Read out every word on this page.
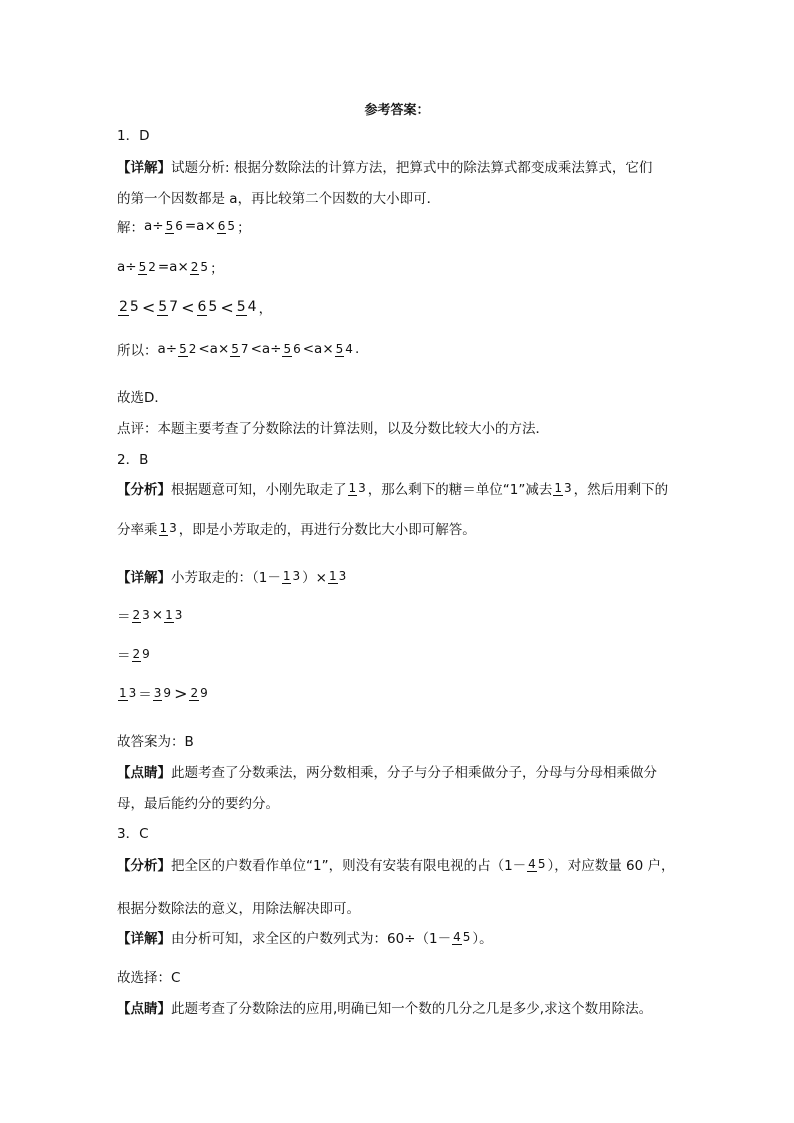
参考答案：
1．D
【详解】 试题分析: 根据分数除法的计算方法，把算式中的除法算式都变成乘法算式，它们
的第一个因数都是 a，再比较第二个因数的大小即可．
解： a÷ 5 6 =a× 6 5 ；
a÷ 5 2 =a× 2 5 ；
2 5 < 5 7 < 6 5 < 5 4 ，
所以： a÷ 5 2 <a× 5 7 <a÷ 5 6 <a× 5 4 .
故选D．
点评：本题主要考查了分数除法的计算法则，以及分数比较大小的方法．
2．B
【分析】 根据题意可知，小刚先取走了 1 3 ，那么剩下的糖＝单位“1”减去 1 3 ，然后用剩下的
分率乘 1 3 ，即是小芳取走的，再进行分数比大小即可解答。
【详解】 小芳取走的：（1－ 1 3 ）× 1 3
＝ 2 3 × 1 3
＝ 2 9
1 3 ＝ 3 9 > 2 9
故答案为：B
【点睛】 此题考查了分数乘法，两分数相乘，分子与分子相乘做分子，分母与分母相乘做分
母，最后能约分的要约分。
3．C
【分析】 把全区的户数看作单位“1”，则没有安装有限电视的占（1－ 4 5 ），对应数量 60 户，
根据分数除法的意义，用除法解决即可。
【详解】 由分析可知，求全区的户数列式为：60÷（1－ 4 5 ）。
故选择：C
【点睛】 此题考查了分数除法的应用,明确已知一个数的几分之几是多少,求这个数用除法。
